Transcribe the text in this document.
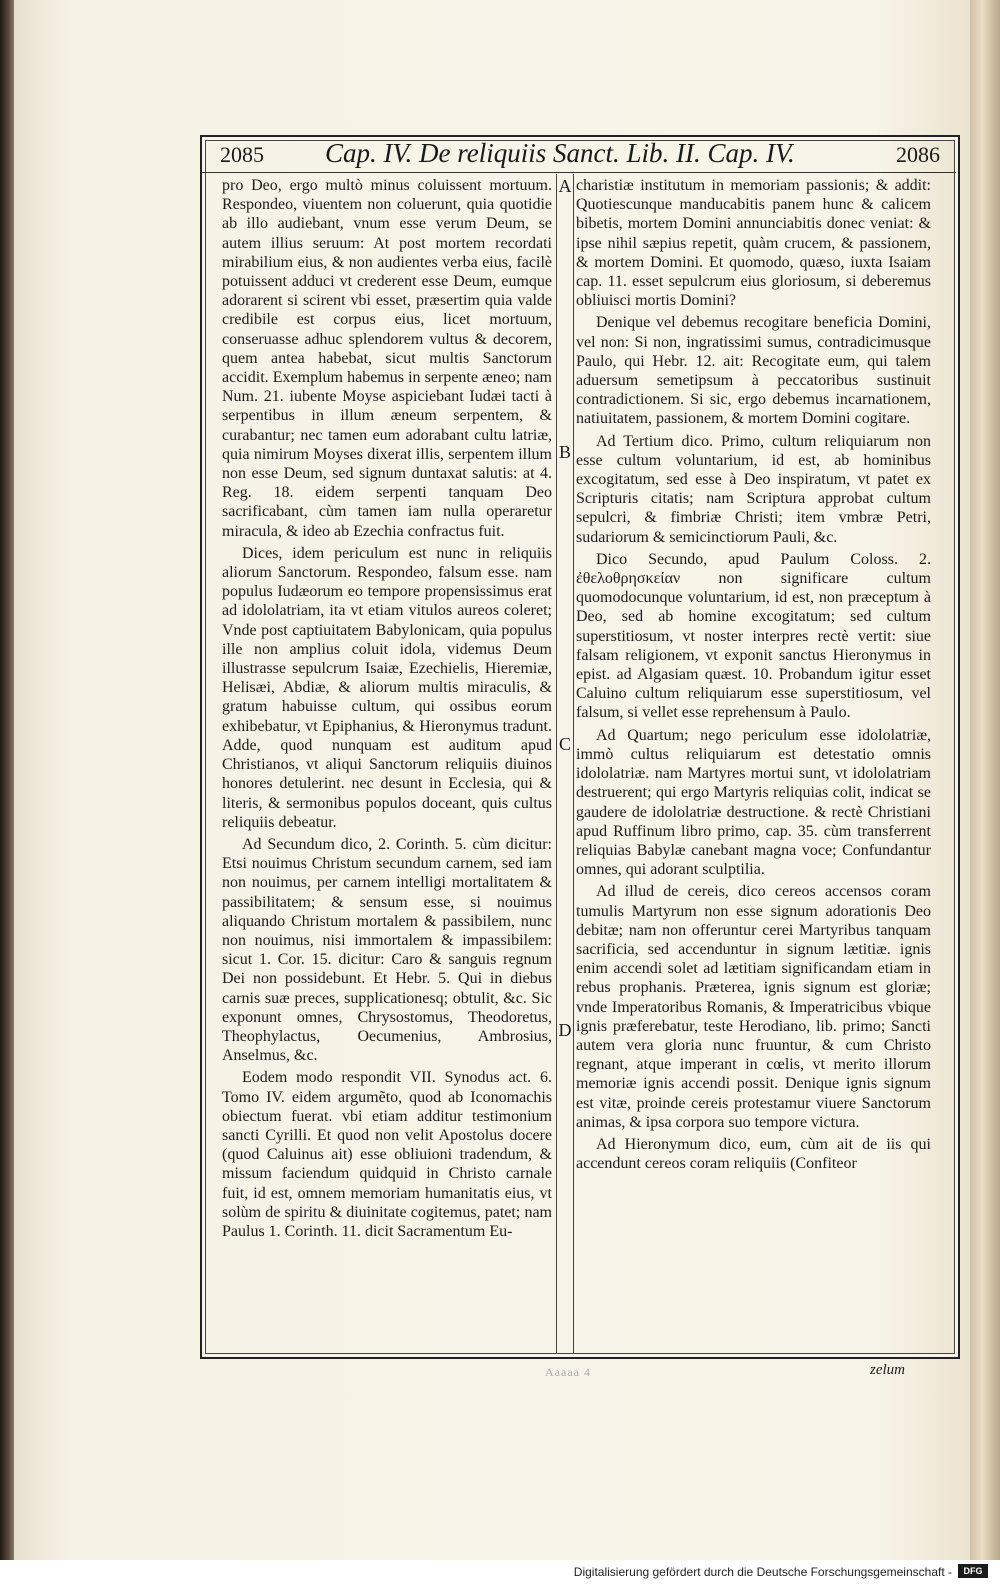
2085 Cap. IV. De reliquiis Sanct. Lib. II. Cap. IV.	2086
A
B
C
D

pro Deo, ergo multò minus coluissent mortuum. Respondeo, viuentem non coluerunt, quia quotidie ab illo audiebant, vnum esse verum Deum, se autem illius seruum: At post mortem recordati mirabilium eius, & non audientes verba eius, facilè potuissent adduci vt crederent esse Deum, eumque adorarent si scirent vbi esset, præsertim quia valde credibile est corpus eius, licet mortuum, conseruasse adhuc splendorem vultus & decorem, quem antea habebat, sicut multis Sanctorum accidit. Exemplum habemus in serpente æneo; nam Num. 21. iubente Moyse aspiciebant Iudæi tacti à serpentibus in illum æneum serpentem, & curabantur; nec tamen eum adorabant cultu latriæ, quia nimirum Moyses dixerat illis, serpentem illum non esse Deum, sed signum duntaxat salutis: at 4. Reg. 18. eidem serpenti tanquam Deo sacrificabant, cùm tamen iam nulla operaretur miracula, & ideo ab Ezechia confractus fuit.

Dices, idem periculum est nunc in reliquiis aliorum Sanctorum. Respondeo, falsum esse. nam populus Iudæorum eo tempore propensissimus erat ad idololatriam, ita vt etiam vitulos aureos coleret; Vnde post captiuitatem Babylonicam, quia populus ille non amplius coluit idola, videmus Deum illustrasse sepulcrum Isaiæ, Ezechielis, Hieremiæ, Helisæi, Abdiæ, & aliorum multis miraculis, & gratum habuisse cultum, qui ossibus eorum exhibebatur, vt Epiphanius, & Hieronymus tradunt. Adde, quod nunquam est auditum apud Christianos, vt aliqui Sanctorum reliquiis diuinos honores detulerint. nec desunt in Ecclesia, qui & literis, & sermonibus populos doceant, quis cultus reliquiis debeatur.

Ad Secundum dico, 2. Corinth. 5. cùm dicitur: Etsi nouimus Christum secundum carnem, sed iam non nouimus, per carnem intelligi mortalitatem & passibilitatem; & sensum esse, si nouimus aliquando Christum mortalem & passibilem, nunc non nouimus, nisi immortalem & impassibilem: sicut 1. Cor. 15. dicitur: Caro & sanguis regnum Dei non possidebunt. Et Hebr. 5. Qui in diebus carnis suæ preces, supplicationesq; obtulit, &c. Sic exponunt omnes, Chrysostomus, Theodoretus, Theophylactus, Oecumenius, Ambrosius, Anselmus, &c.

Eodem modo respondit VII. Synodus act. 6. Tomo IV. eidem argumẽto, quod ab Iconomachis obiectum fuerat. vbi etiam additur testimonium sancti Cyrilli. Et quod non velit Apostolus docere (quod Caluinus ait) esse obliuioni tradendum, & missum faciendum quidquid in Christo carnale fuit, id est, omnem memoriam humanitatis eius, vt solùm de spiritu & diuinitate cogitemus, patet; nam Paulus 1. Corinth. 11. dicit Sacramentum Eu-

charistiæ institutum in memoriam passionis; & addit: Quotiescunque manducabitis panem hunc & calicem bibetis, mortem Domini annunciabitis donec veniat: & ipse nihil sæpius repetit, quàm crucem, & passionem, & mortem Domini. Et quomodo, quæso, iuxta Isaiam cap. 11. esset sepulcrum eius gloriosum, si deberemus obliuisci mortis Domini?

Denique vel debemus recogitare beneficia Domini, vel non: Si non, ingratissimi sumus, contradicimusque Paulo, qui Hebr. 12. ait: Recogitate eum, qui talem aduersum semetipsum à peccatoribus sustinuit contradictionem. Si sic, ergo debemus incarnationem, natiuitatem, passionem, & mortem Domini cogitare.

Ad Tertium dico. Primo, cultum reliquiarum non esse cultum voluntarium, id est, ab hominibus excogitatum, sed esse à Deo inspiratum, vt patet ex Scripturis citatis; nam Scriptura approbat cultum sepulcri, & fimbriæ Christi; item vmbræ Petri, sudariorum & semicinctiorum Pauli, &c.

Dico Secundo, apud Paulum Coloss. 2. ἐθελοθρησκείαν non significare cultum quomodocunque voluntarium, id est, non præceptum à Deo, sed ab homine excogitatum; sed cultum superstitiosum, vt noster interpres rectè vertit: siue falsam religionem, vt exponit sanctus Hieronymus in epist. ad Algasiam quæst. 10. Probandum igitur esset Caluino cultum reliquiarum esse superstitiosum, vel falsum, si vellet esse reprehensum à Paulo.

Ad Quartum; nego periculum esse idololatriæ, immò cultus reliquiarum est detestatio omnis idololatriæ. nam Martyres mortui sunt, vt idololatriam destruerent; qui ergo Martyris reliquias colit, indicat se gaudere de idololatriæ destructione. & rectè Christiani apud Ruffinum libro primo, cap. 35. cùm transferrent reliquias Babylæ canebant magna voce; Confundantur omnes, qui adorant sculptilia.

Ad illud de cereis, dico cereos accensos coram tumulis Martyrum non esse signum adorationis Deo debitæ; nam non offeruntur cerei Martyribus tanquam sacrificia, sed accenduntur in signum lætitiæ. ignis enim accendi solet ad lætitiam significandam etiam in rebus prophanis. Præterea, ignis signum est gloriæ; vnde Imperatoribus Romanis, & Imperatricibus vbique ignis præferebatur, teste Herodiano, lib. primo; Sancti autem vera gloria nunc fruuntur, & cum Christo regnant, atque imperant in cœlis, vt merito illorum memoriæ ignis accendi possit. Denique ignis signum est vitæ, proinde cereis protestamur viuere Sanctorum animas, & ipsa corpora suo tempore victura.

Ad Hieronymum dico, eum, cùm ait de iis qui accendunt cereos coram reliquiis (Confiteor

Aaaaa 4	zelum
Digitalisierung gefördert durch die Deutsche Forschungsgemeinschaft -	DFG
